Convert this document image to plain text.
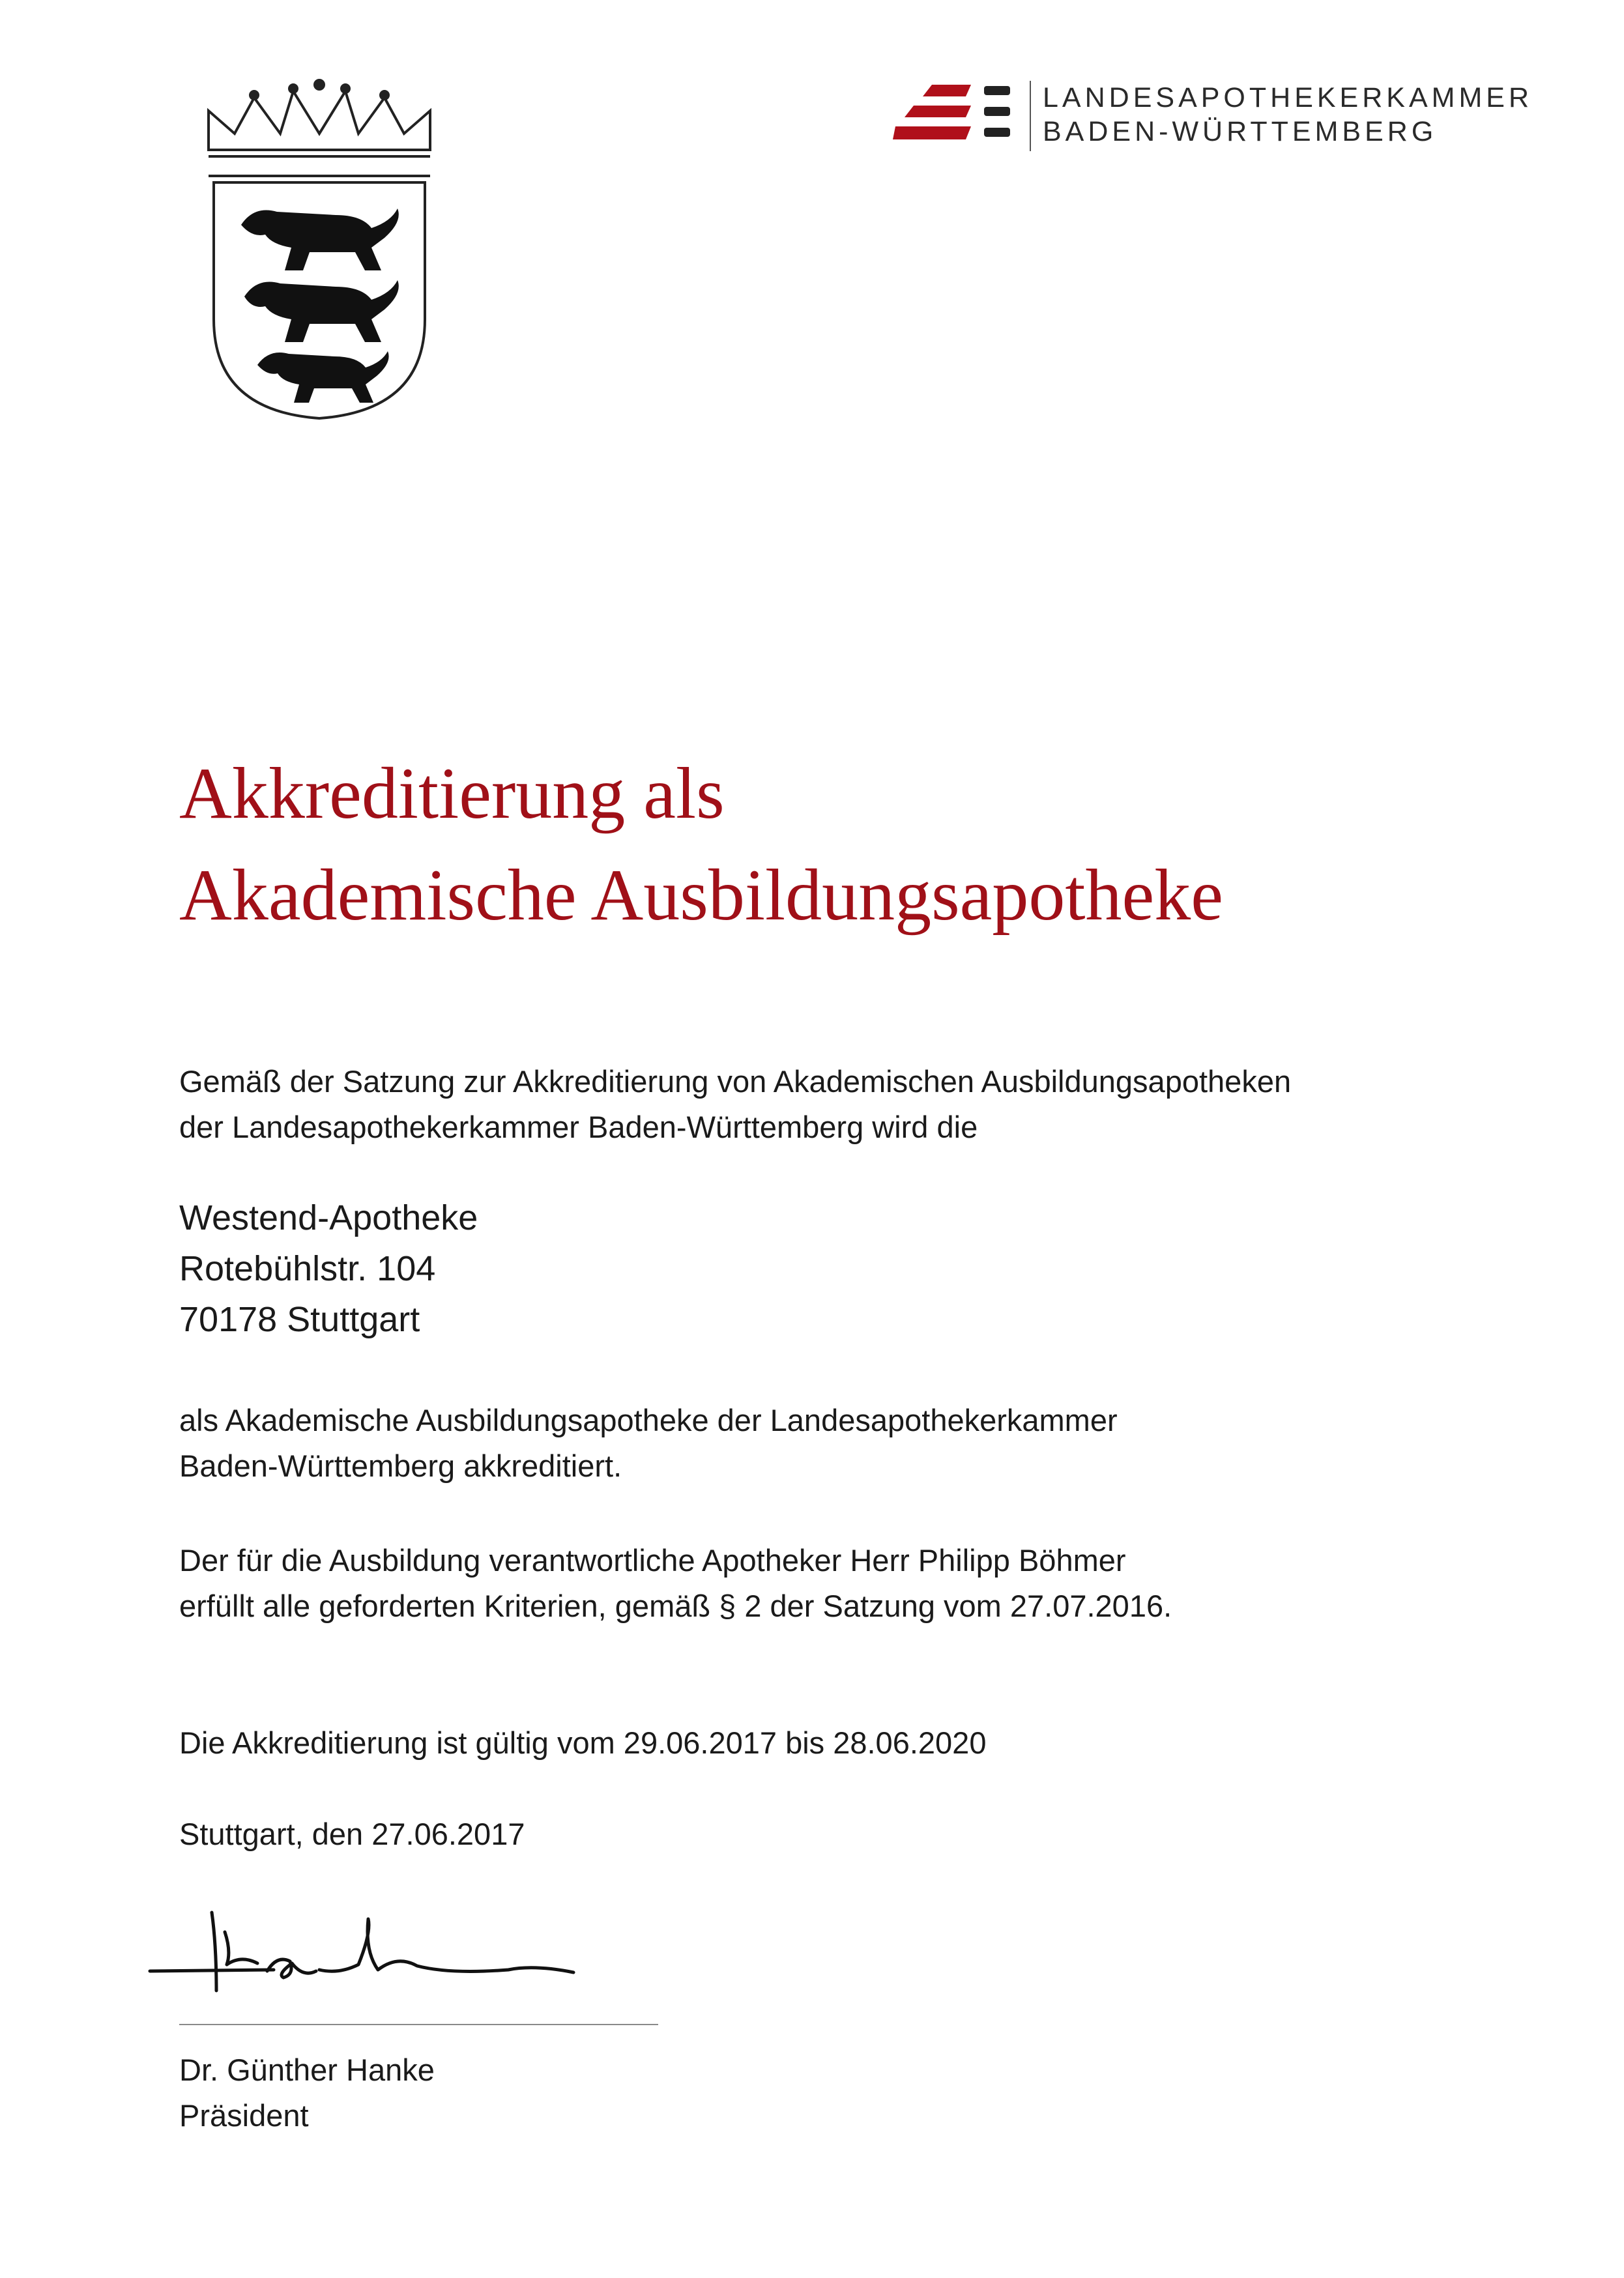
LANDESAPOTHEKERKAMMER
BADEN-WÜRTTEMBERG
Akkreditierung als
Akademische Ausbildungsapotheke
Gemäß der Satzung zur Akkreditierung von Akademischen Ausbildungsapotheken
der Landesapothekerkammer Baden-Württemberg wird die
Westend-Apotheke
Rotebühlstr. 104
70178 Stuttgart
als Akademische Ausbildungsapotheke der Landesapothekerkammer
Baden-Württemberg akkreditiert.
Der für die Ausbildung verantwortliche Apotheker Herr Philipp Böhmer
erfüllt alle geforderten Kriterien, gemäß § 2 der Satzung vom 27.07.2016.
Die Akkreditierung ist gültig vom 29.06.2017 bis 28.06.2020
Stuttgart, den 27.06.2017
Dr. Günther Hanke
Präsident
